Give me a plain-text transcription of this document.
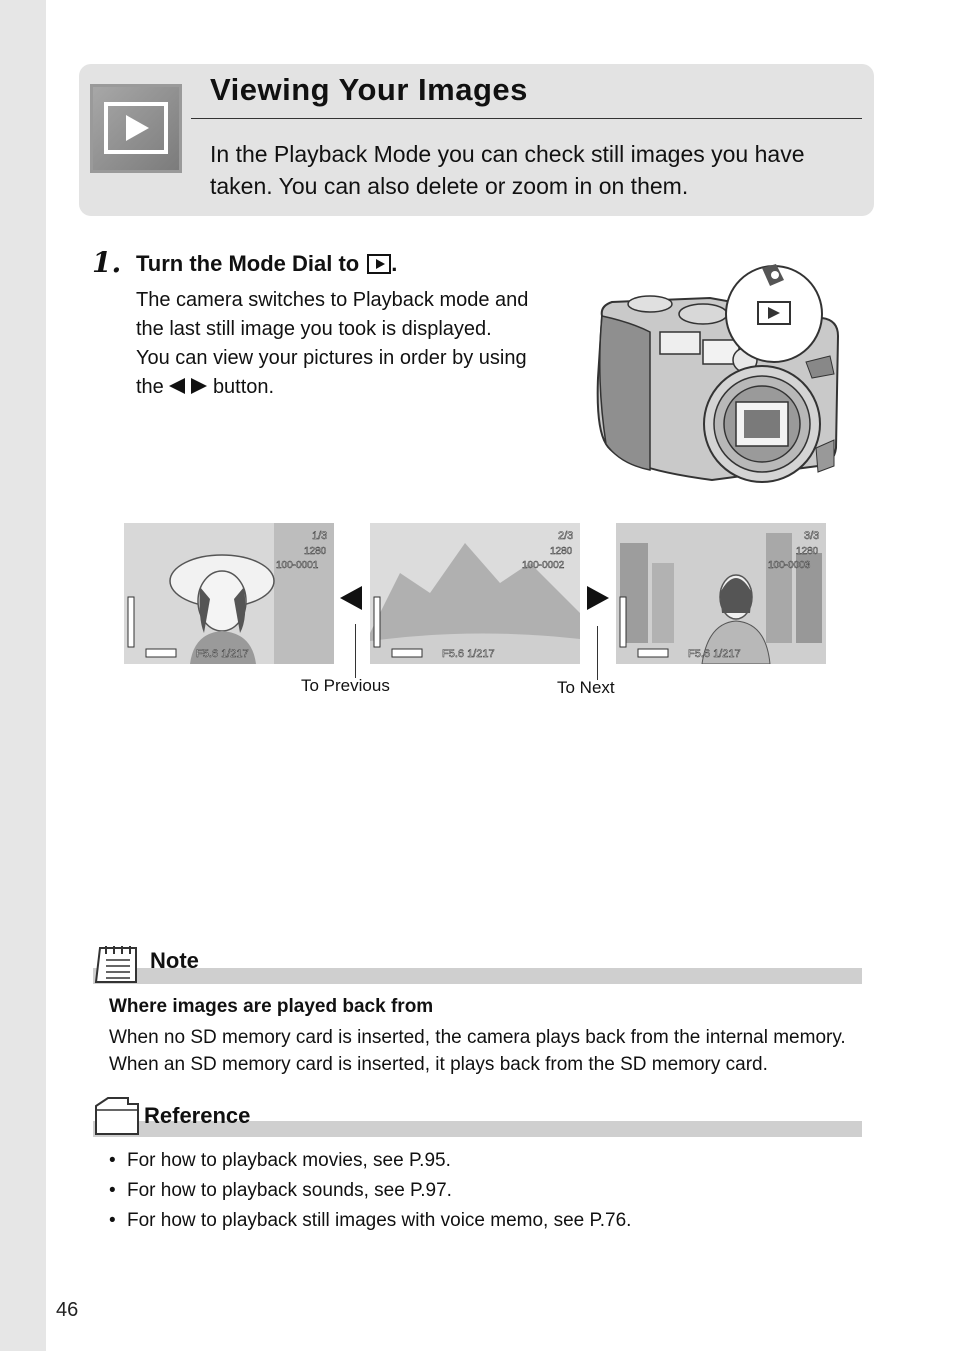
Viewing Your Images

In the Playback Mode you can check still images you have taken. You can also delete or zoom in on them.

1. Turn the Mode Dial to .

The camera switches to Playback mode and the last still image you took is displayed.

You can view your pictures in order by using the button.

1/3
1280
100-0001
F5.6 1/217
2/3
1280
100-0002
F5.6 1/217
3/3
1280
100-0003
F5.6 1/217
To Previous	To Next
Note
Where images are played back from

When no SD memory card is inserted, the camera plays back from the internal memory. When an SD memory card is inserted, it plays back from the SD memory card.

Reference
• For how to playback movies, see P.95.
• For how to playback sounds, see P.97.
• For how to playback still images with voice memo, see P.76.
46
